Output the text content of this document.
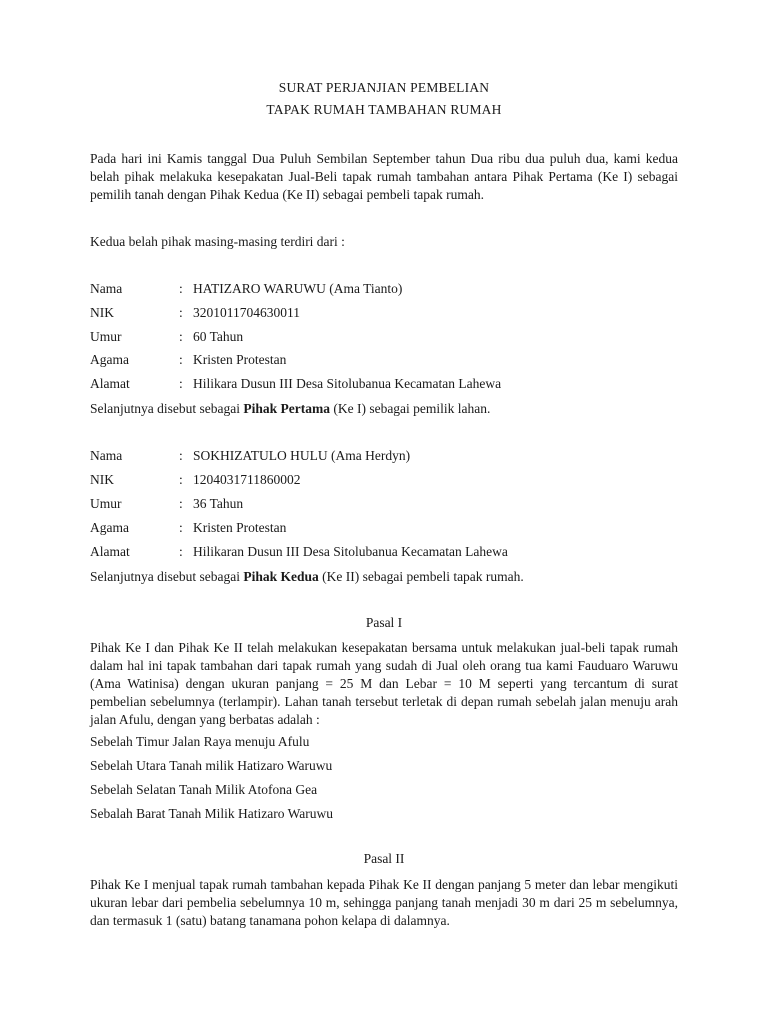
SURAT PERJANJIAN PEMBELIAN
TAPAK RUMAH TAMBAHAN RUMAH

Pada hari ini Kamis tanggal Dua Puluh Sembilan September tahun Dua ribu dua puluh dua, kami kedua belah pihak melakuka kesepakatan Jual-Beli tapak rumah tambahan antara Pihak Pertama (Ke I) sebagai pemilih tanah dengan Pihak Kedua (Ke II) sebagai pembeli tapak rumah.

Kedua belah pihak masing-masing terdiri dari :
Nama	: HATIZARO WARUWU (Ama Tianto)
NIK	: 3201011704630011
Umur	: 60 Tahun
Agama	: Kristen Protestan
Alamat	: Hilikara Dusun III Desa Sitolubanua Kecamatan Lahewa
Selanjutnya disebut sebagai Pihak Pertama (Ke I) sebagai pemilik lahan.
Nama	: SOKHIZATULO HULU (Ama Herdyn)
NIK	: 1204031711860002
Umur	: 36 Tahun
Agama	: Kristen Protestan
Alamat	: Hilikaran Dusun III Desa Sitolubanua Kecamatan Lahewa
Selanjutnya disebut sebagai Pihak Kedua (Ke II) sebagai pembeli tapak rumah.
Pasal I

Pihak Ke I dan Pihak Ke II telah melakukan kesepakatan bersama untuk melakukan jual-beli tapak rumah dalam hal ini tapak tambahan dari tapak rumah yang sudah di Jual oleh orang tua kami Fauduaro Waruwu (Ama Watinisa) dengan ukuran panjang = 25 M dan Lebar = 10 M seperti yang tercantum di surat pembelian sebelumnya (terlampir). Lahan tanah tersebut terletak di depan rumah sebelah jalan menuju arah jalan Afulu, dengan yang berbatas adalah :

Sebelah Timur Jalan Raya menuju Afulu
Sebelah Utara Tanah milik Hatizaro Waruwu
Sebelah Selatan Tanah Milik Atofona Gea
Sebalah Barat Tanah Milik Hatizaro Waruwu
Pasal II

Pihak Ke I menjual tapak rumah tambahan kepada Pihak Ke II dengan panjang 5 meter dan lebar mengikuti ukuran lebar dari pembelia sebelumnya 10 m, sehingga panjang tanah menjadi 30 m dari 25 m sebelumnya, dan termasuk 1 (satu) batang tanamana pohon kelapa di dalamnya.
